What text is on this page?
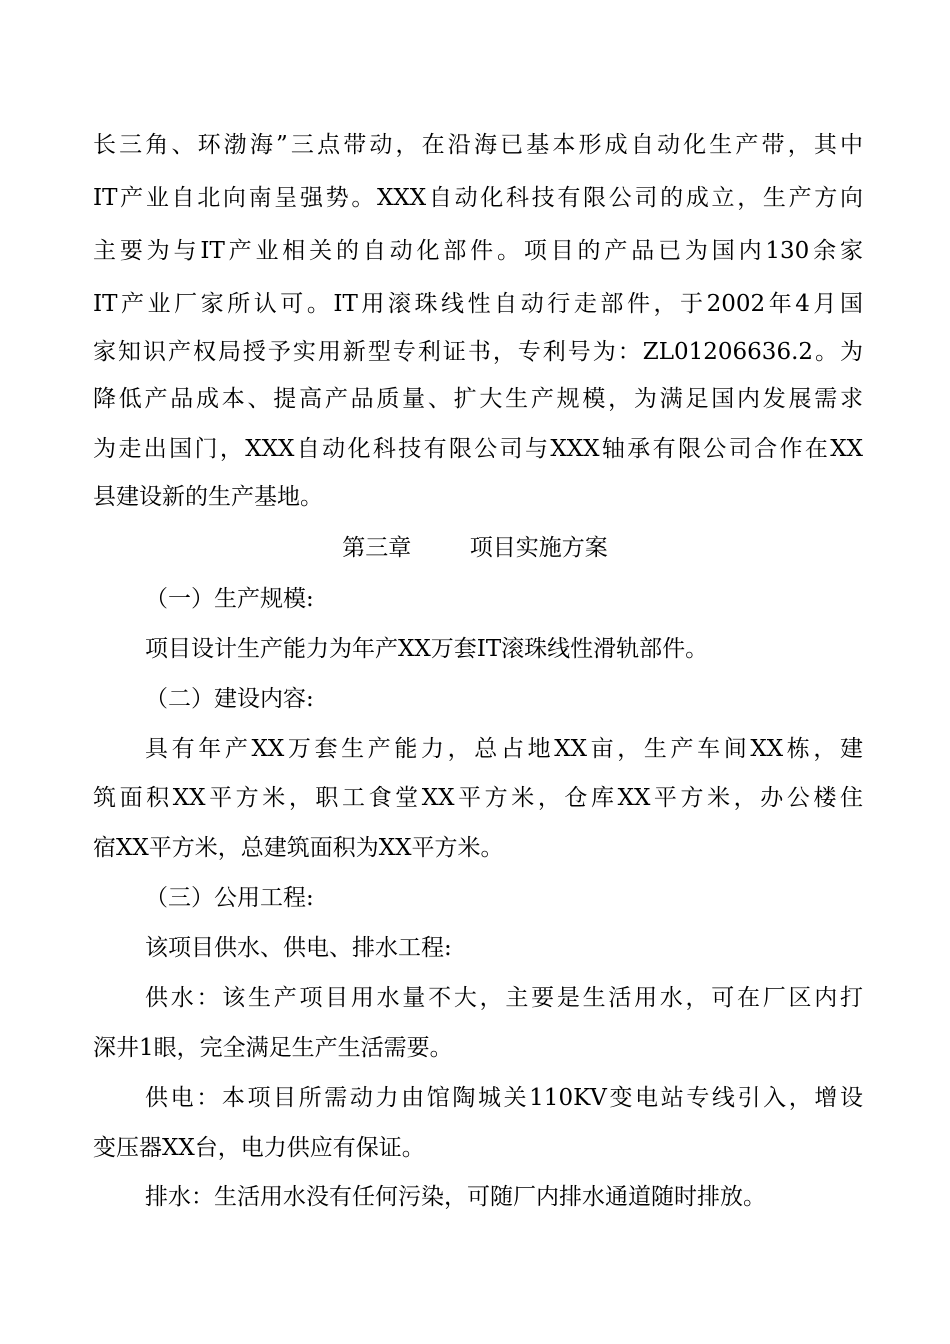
长三角、环渤海”三点带动，在沿海已基本形成自动化生产带，其中
IT产业自北向南呈强势。XXX自动化科技有限公司的成立，生产方向
主要为与IT产业相关的自动化部件。项目的产品已为国内130余家
IT产业厂家所认可。IT用滚珠线性自动行走部件，于2002年4月国
家知识产权局授予实用新型专利证书，专利号为：ZL01206636.2。为
降低产品成本、提高产品质量、扩大生产规模，为满足国内发展需求
为走出国门，XXX自动化科技有限公司与XXX轴承有限公司合作在XX
县建设新的生产基地。
第三章        项目实施方案
（一）生产规模:
项目设计生产能力为年产XX万套IT滚珠线性滑轨部件。
（二）建设内容:
具有年产XX万套生产能力，总占地XX亩，生产车间XX栋，建
筑面积XX平方米，职工食堂XX平方米，仓库XX平方米，办公楼住
宿XX平方米，总建筑面积为XX平方米。
（三）公用工程:
该项目供水、供电、排水工程:
供水：该生产项目用水量不大，主要是生活用水，可在厂区内打
深井1眼，完全满足生产生活需要。
供电：本项目所需动力由馆陶城关110KV变电站专线引入，增设
变压器XX台，电力供应有保证。
排水：生活用水没有任何污染，可随厂内排水通道随时排放。
